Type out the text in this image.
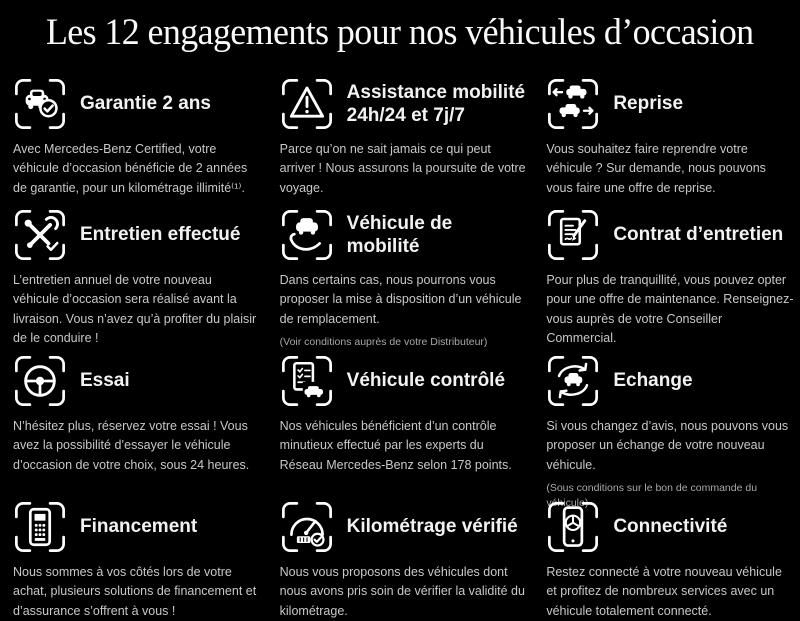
Les 12 engagements pour nos véhicules d’occasion
Garantie 2 ans
Avec Mercedes-Benz Certified, votre véhicule d’occasion bénéficie de 2 années de garantie, pour un kilométrage illimité⁽¹⁾.
Assistance mobilité 24h/24 et 7j/7
Parce qu’on ne sait jamais ce qui peut arriver ! Nous assurons la poursuite de votre voyage.
Reprise
Vous souhaitez faire reprendre votre véhicule ? Sur demande, nous pouvons vous faire une offre de reprise.
Entretien effectué
L’entretien annuel de votre nouveau véhicule d’occasion sera réalisé avant la livraison. Vous n’avez qu’à profiter du plaisir de le conduire !
Véhicule de mobilité
Dans certains cas, nous pourrons vous proposer la mise à disposition d’un véhicule de remplacement.
(Voir conditions auprès de votre Distributeur)
Contrat d’entretien
Pour plus de tranquillité, vous pouvez opter pour une offre de maintenance. Renseignez-vous auprès de votre Conseiller Commercial.
Essai
N’hésitez plus, réservez votre essai ! Vous avez la possibilité d’essayer le véhicule d’occasion de votre choix, sous 24 heures.
Véhicule contrôlé
Nos véhicules bénéficient d’un contrôle minutieux effectué par les experts du Réseau Mercedes-Benz selon 178 points.
Echange
Si vous changez d’avis, nous pouvons vous proposer un échange de votre nouveau véhicule.
(Sous conditions sur le bon de commande du véhicule)
Financement
Nous sommes à vos côtés lors de votre achat, plusieurs solutions de financement et d’assurance s’offrent à vous !
Kilométrage vérifié
Nous vous proposons des véhicules dont nous avons pris soin de vérifier la validité du kilométrage.
Connectivité
Restez connecté à votre nouveau véhicule et profitez de nombreux services avec un véhicule totalement connecté.
